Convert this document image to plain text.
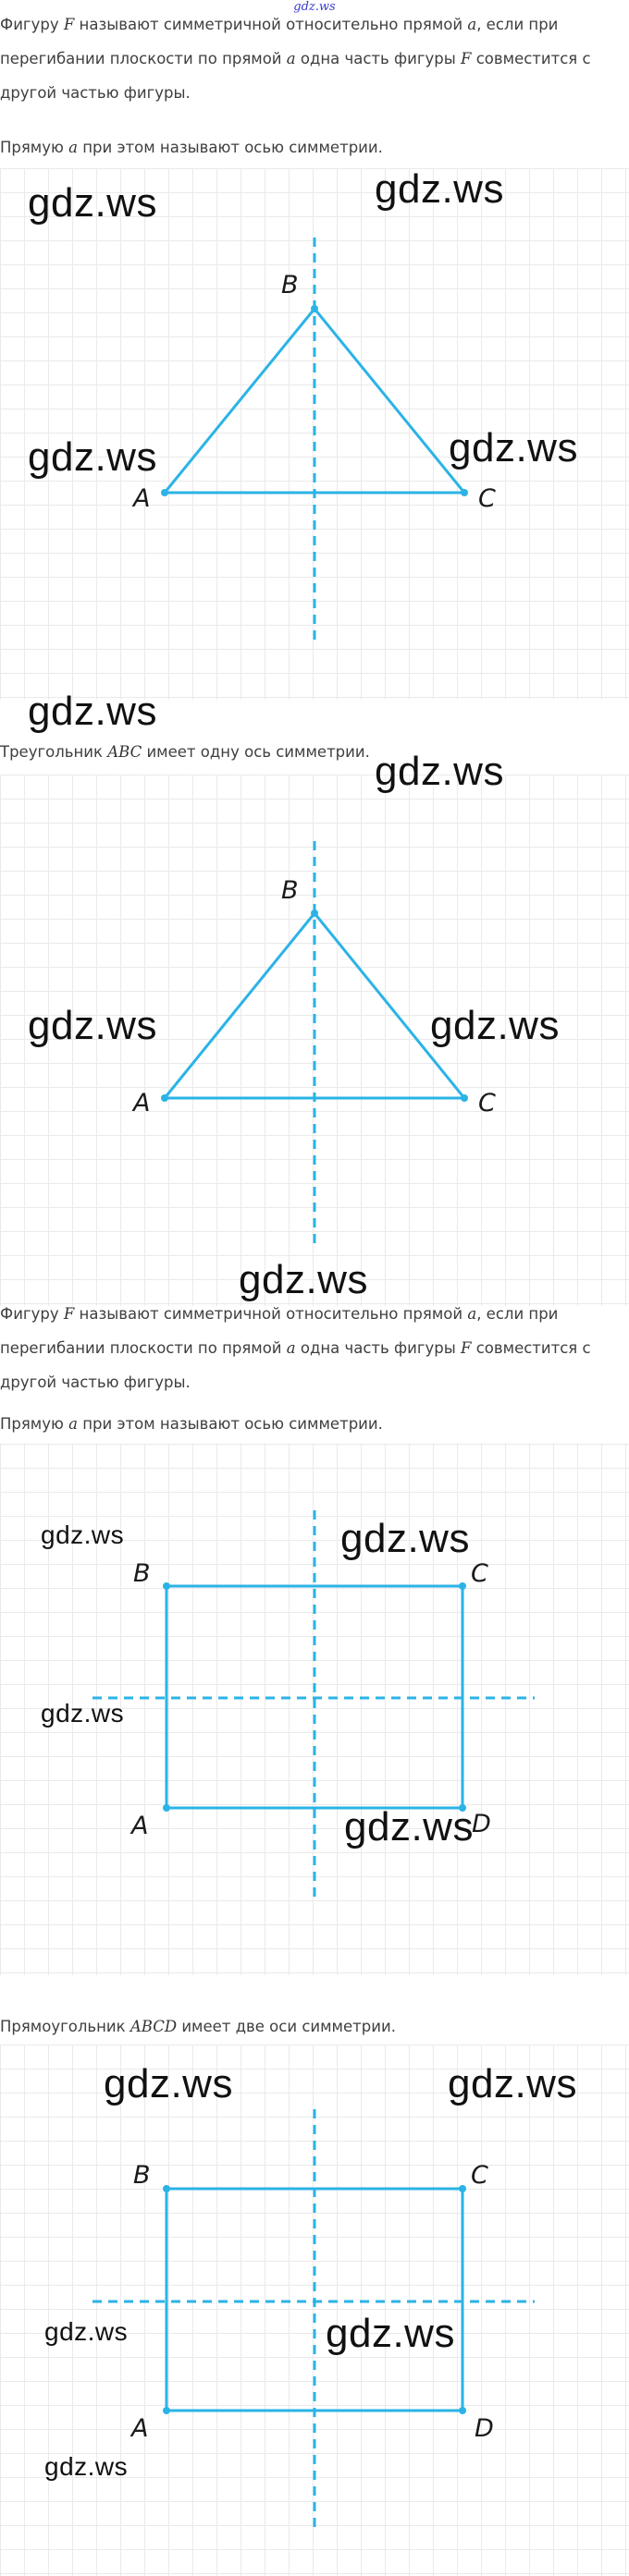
gdz.ws
Фигуру F называют симметричной относительно прямой a, если при
перегибании плоскости по прямой a одна часть фигуры F совместится с
другой частью фигуры.
Прямую a при этом называют осью симметрии.
A
B
C
Треугольник ABC имеет одну ось симметрии.
A
B
C
Фигуру F называют симметричной относительно прямой a, если при
перегибании плоскости по прямой a одна часть фигуры F совместится с
другой частью фигуры.
Прямую a при этом называют осью симметрии.
B	C
A	D
Прямоугольник ABCD имеет две оси симметрии.
B	C
A	D
gdz.ws	gdz.ws
gdz.ws	gdz.ws
gdz.ws
gdz.ws
gdz.ws	gdz.ws
gdz.ws
gdz.ws	gdz.ws
gdz.ws
gdz.ws
gdz.ws	gdz.ws
gdz.ws	gdz.ws
gdz.ws
